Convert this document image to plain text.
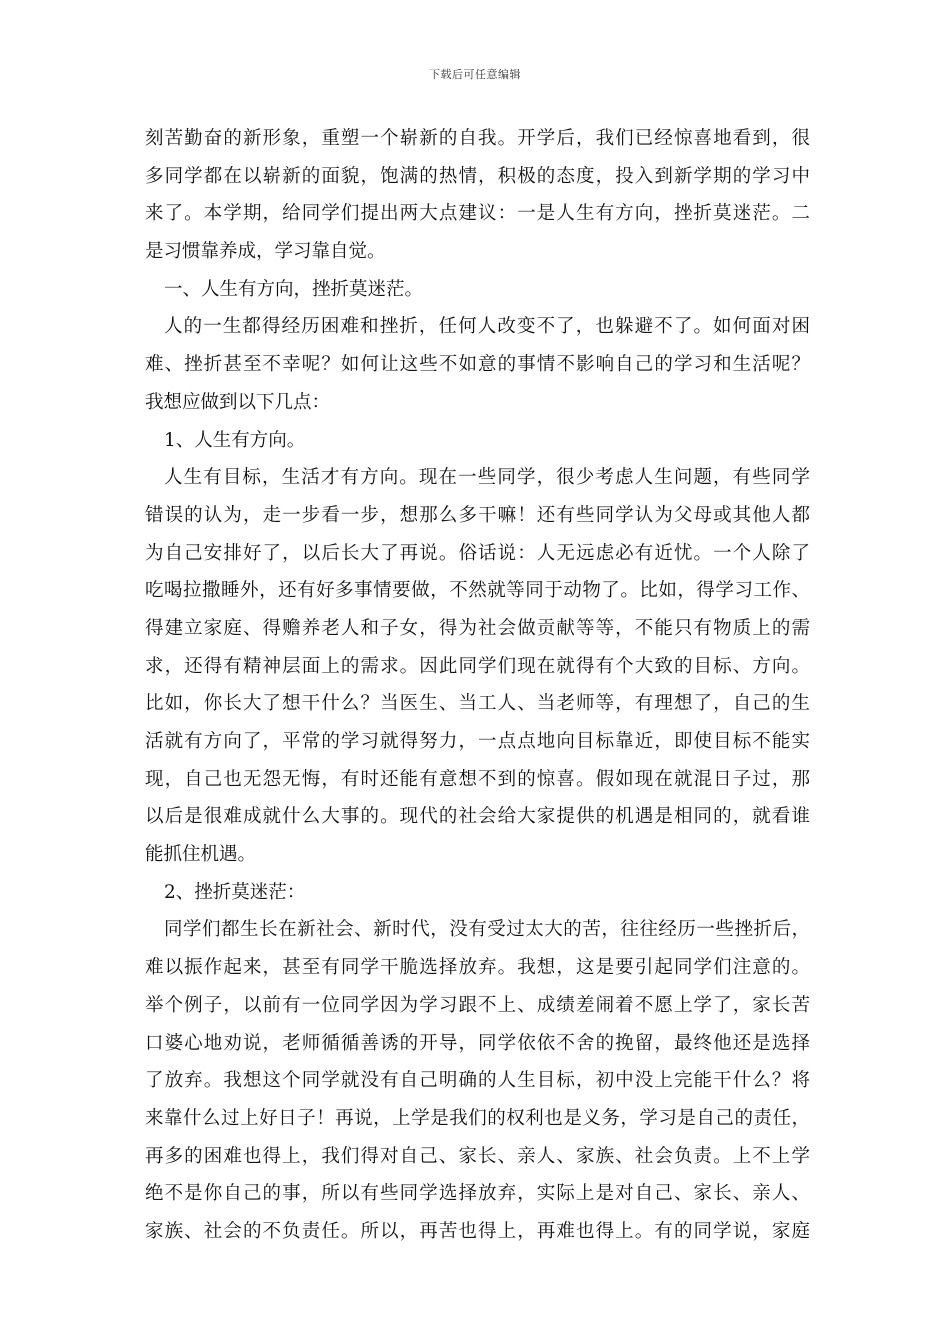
下载后可任意编辑
刻苦勤奋的新形象，重塑一个崭新的自我。开学后，我们已经惊喜地看到，很
多同学都在以崭新的面貌，饱满的热情，积极的态度，投入到新学期的学习中
来了。本学期，给同学们提出两大点建议：一是人生有方向，挫折莫迷茫。二
是习惯靠养成，学习靠自觉。
一、人生有方向，挫折莫迷茫。
人的一生都得经历困难和挫折，任何人改变不了，也躲避不了。如何面对困
难、挫折甚至不幸呢？如何让这些不如意的事情不影响自己的学习和生活呢？
我想应做到以下几点：
1、人生有方向。
人生有目标，生活才有方向。现在一些同学，很少考虑人生问题，有些同学
错误的认为，走一步看一步，想那么多干嘛！还有些同学认为父母或其他人都
为自己安排好了，以后长大了再说。俗话说：人无远虑必有近忧。一个人除了
吃喝拉撒睡外，还有好多事情要做，不然就等同于动物了。比如，得学习工作、
得建立家庭、得赡养老人和子女，得为社会做贡献等等，不能只有物质上的需
求，还得有精神层面上的需求。因此同学们现在就得有个大致的目标、方向。
比如，你长大了想干什么？当医生、当工人、当老师等，有理想了，自己的生
活就有方向了，平常的学习就得努力，一点点地向目标靠近，即使目标不能实
现，自己也无怨无悔，有时还能有意想不到的惊喜。假如现在就混日子过，那
以后是很难成就什么大事的。现代的社会给大家提供的机遇是相同的，就看谁
能抓住机遇。
2、挫折莫迷茫：
同学们都生长在新社会、新时代，没有受过太大的苦，往往经历一些挫折后，
难以振作起来，甚至有同学干脆选择放弃。我想，这是要引起同学们注意的。
举个例子，以前有一位同学因为学习跟不上、成绩差闹着不愿上学了，家长苦
口婆心地劝说，老师循循善诱的开导，同学依依不舍的挽留，最终他还是选择
了放弃。我想这个同学就没有自己明确的人生目标，初中没上完能干什么？将
来靠什么过上好日子！再说，上学是我们的权利也是义务，学习是自己的责任，
再多的困难也得上，我们得对自己、家长、亲人、家族、社会负责。上不上学
绝不是你自己的事，所以有些同学选择放弃，实际上是对自己、家长、亲人、
家族、社会的不负责任。所以，再苦也得上，再难也得上。有的同学说，家庭
